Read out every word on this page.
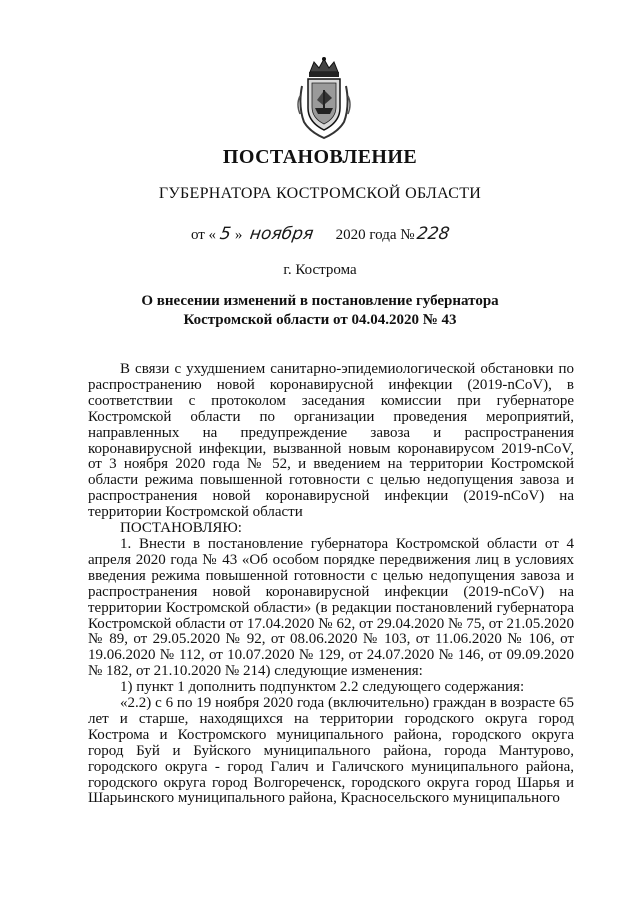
ПОСТАНОВЛЕНИЕ
ГУБЕРНАТОРА КОСТРОМСКОЙ ОБЛАСТИ
от « 5 » ноября 2020 года №228
г. Кострома
О внесении изменений в постановление губернатора
Костромской области от 04.04.2020 № 43

В связи с ухудшением санитарно-эпидемиологической обстановки по распространению новой коронавирусной инфекции (2019-nCoV), в соответствии с протоколом заседания комиссии при губернаторе Костромской области по организации проведения мероприятий, направленных на предупреждение завоза и распространения коронавирусной инфекции, вызванной новым коронавирусом 2019-nCoV, от 3 ноября 2020 года № 52, и введением на территории Костромской области режима повышенной готовности с целью недопущения завоза и распространения новой коронавирусной инфекции (2019-nCoV) на территории Костромской области

ПОСТАНОВЛЯЮ:

1. Внести в постановление губернатора Костромской области от 4 апреля 2020 года № 43 «Об особом порядке передвижения лиц в условиях введения режима повышенной готовности с целью недопущения завоза и распространения новой коронавирусной инфекции (2019-nCoV) на территории Костромской области» (в редакции постановлений губернатора Костромской области от 17.04.2020 № 62, от 29.04.2020 № 75, от 21.05.2020 № 89, от 29.05.2020 № 92, от 08.06.2020 № 103, от 11.06.2020 № 106, от 19.06.2020 № 112, от 10.07.2020 № 129, от 24.07.2020 № 146, от 09.09.2020 № 182, от 21.10.2020 № 214) следующие изменения:

1) пункт 1 дополнить подпунктом 2.2 следующего содержания:

«2.2) с 6 по 19 ноября 2020 года (включительно) граждан в возрасте 65 лет и старше, находящихся на территории городского округа город Кострома и Костромского муниципального района, городского округа город Буй и Буйского муниципального района, города Мантурово, городского округа - город Галич и Галичского муниципального района, городского округа город Волгореченск, городского округа город Шарья и Шарьинского муниципального района, Красносельского муниципального
